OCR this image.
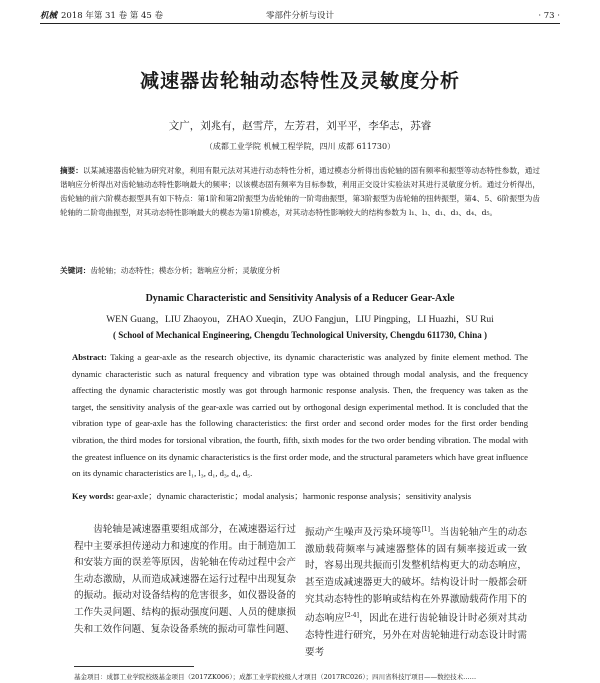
机械 2018 年第 31 卷 第 45 卷	零部件分析与设计	· 73 ·
减速器齿轮轴动态特性及灵敏度分析
文广，刘兆有，赵雪芹，左芳君，刘平平，李华志，苏睿
（成都工业学院 机械工程学院，四川 成都 611730）
摘要：以某减速器齿轮轴为研究对象，利用有限元法对其进行动态特性分析，通过模态分析得出齿轮轴的固有频率和振型等动态特性参数，通过谐响应分析得出对齿轮轴动态特性影响最大的频率；以该模态固有频率为目标参数，利用正交设计实验法对其进行灵敏度分析。通过分析得出，齿轮轴的前六阶模态振型具有如下特点：第1阶和第2阶振型为齿轮轴的一阶弯曲振型，第3阶振型为齿轮轴的扭转振型，第4、5、6阶振型为齿轮轴的二阶弯曲振型，对其动态特性影响最大的模态为第1阶模态，对其动态特性影响较大的结构参数为 l₁、l₃、d₁、d₃、d₄、d₅。
关键词：齿轮轴；动态特性；模态分析；谐响应分析；灵敏度分析
Dynamic Characteristic and Sensitivity Analysis of a Reducer Gear-Axle
WEN Guang，LIU Zhaoyou，ZHAO Xueqin，ZUO Fangjun，LIU Pingping，LI Huazhi，SU Rui
( School of Mechanical Engineering, Chengdu Technological University, Chengdu 611730, China )
Abstract: Taking a gear-axle as the research objective, its dynamic characteristic was analyzed by finite element method. The dynamic characteristic such as natural frequency and vibration type was obtained through modal analysis, and the frequency affecting the dynamic characteristic mostly was got through harmonic response analysis. Then, the frequency was taken as the target, the sensitivity analysis of the gear-axle was carried out by orthogonal design experimental method. It is concluded that the vibration type of gear-axle has the following characteristics: the first order and second order modes for the first order bending vibration, the third modes for torsional vibration, the fourth, fifth, sixth modes for the two order bending vibration. The modal with the greatest influence on its dynamic characteristics is the first order mode, and the structural parameters which have great influence on its dynamic characteristics are l₁, l₃, d₁, d₃, d₄, d₅.
Key words: gear-axle；dynamic characteristic；modal analysis；harmonic response analysis；sensitivity analysis
齿轮轴是减速器重要组成部分，在减速器运行过程中主要承担传递动力和速度的作用。由于制造加工和安装方面的误差等原因，齿轮轴在传动过程中会产生动态激励，从而造成减速器在运行过程中出现复杂的振动。振动对设备结构的危害很多，如仪器设备的工作失灵问题、结构的振动强度问题、人员的健康损失和工效作问题、复杂设备系统的振动可靠性问题、
振动产生噪声及污染环境等[1]。当齿轮轴产生的动态激励载荷频率与减速器整体的固有频率接近或一致时，容易出现共振而引发整机结构更大的动态响应，甚至造成减速器更大的破坏。结构设计时一般都会研究其动态特性的影响或结构在外界激励载荷作用下的动态响应[2-4]，因此在进行齿轮轴设计时必须对其动态特性进行研究，另外在对齿轮轴进行动态设计时需要考
基金项目：成都工业学院校级基金项目（2017ZK006）；成都工业学院校级人才项目（2017RC026）；四川省科技厅项目——数控技术……
